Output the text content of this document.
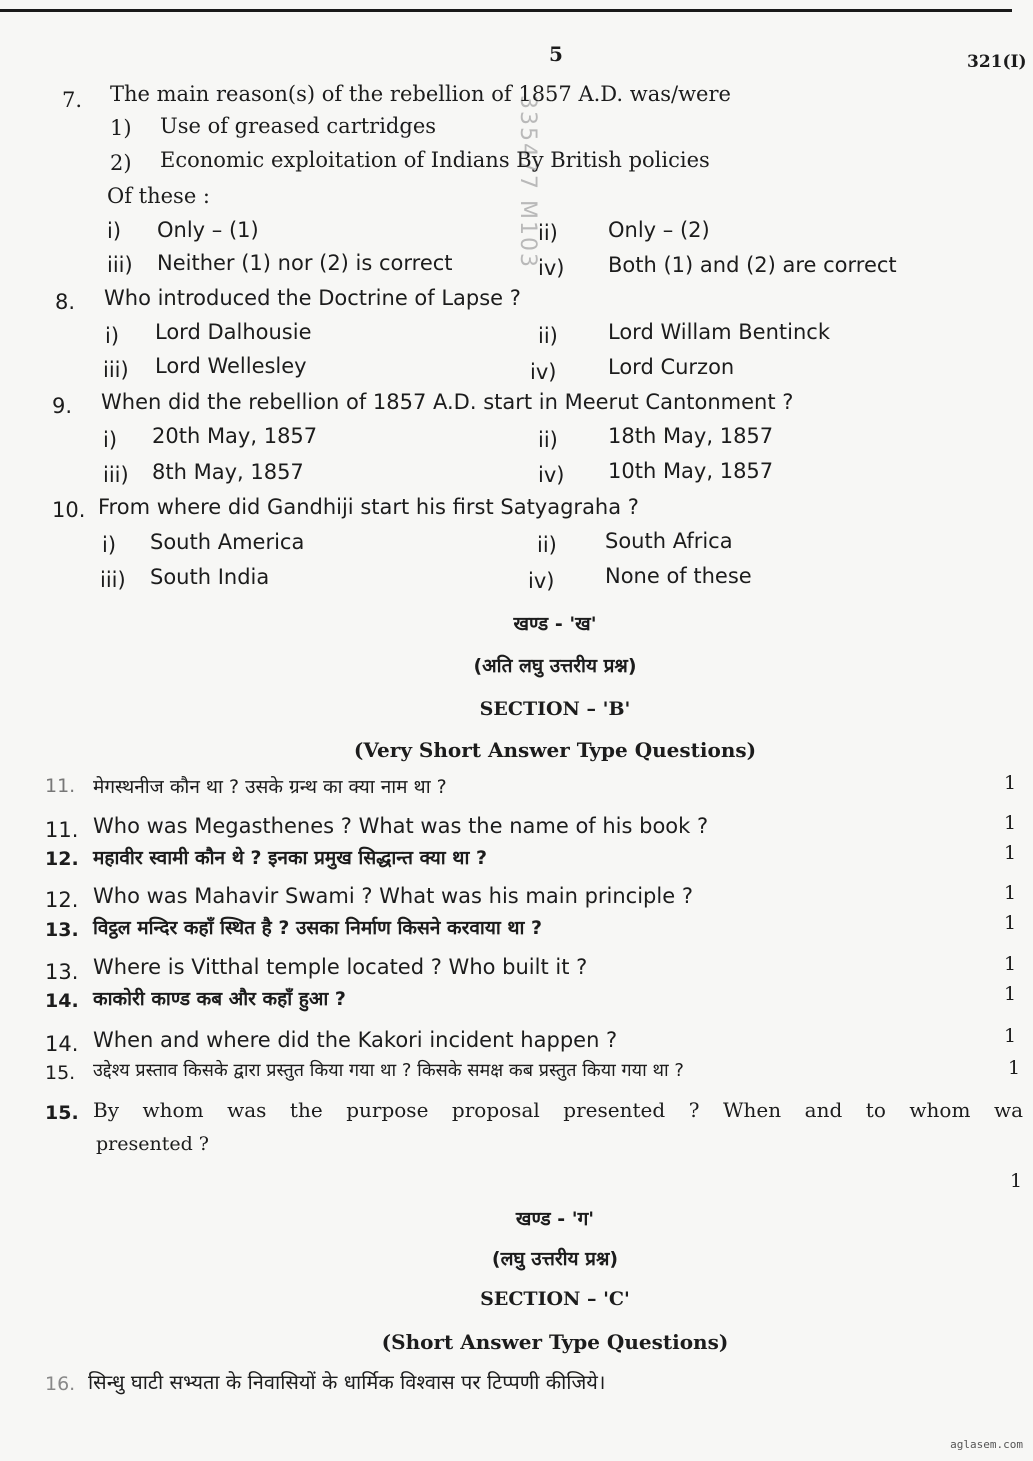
5	321(I)
335477 M103
7. The main reason(s) of the rebellion of 1857 A.D. was/were
1) Use of greased cartridges
2) Economic exploitation of Indians By British policies
Of these :
i) Only – (1)	ii) Only – (2)
iii) Neither (1) nor (2) is correct	iv) Both (1) and (2) are correct
8. Who introduced the Doctrine of Lapse ?
i) Lord Dalhousie	ii) Lord Willam Bentinck
iii) Lord Wellesley	iv) Lord Curzon
9. When did the rebellion of 1857 A.D. start in Meerut Cantonment ?
i) 20th May, 1857	ii) 18th May, 1857
iii) 8th May, 1857	iv) 10th May, 1857
10. From where did Gandhiji start his first Satyagraha ?
i) South America	ii) South Africa
iii) South India	iv) None of these
खण्ड - 'ख'
(अति लघु उत्तरीय प्रश्न)
SECTION – 'B'
(Very Short Answer Type Questions)
11. मेगस्थनीज कौन था ? उसके ग्रन्थ का क्या नाम था ?	1
11. Who was Megasthenes ? What was the name of his book ?	1
12. महावीर स्वामी कौन थे ? इनका प्रमुख सिद्धान्त क्या था ?	1
12. Who was Mahavir Swami ? What was his main principle ?	1
13. विट्ठल मन्दिर कहाँ स्थित है ? उसका निर्माण किसने करवाया था ?	1
13. Where is Vitthal temple located ? Who built it ?	1
14. काकोरी काण्ड कब और कहाँ हुआ ?	1
14. When and where did the Kakori incident happen ?	1
15. उद्देश्य प्रस्ताव किसके द्वारा प्रस्तुत किया गया था ? किसके समक्ष कब प्रस्तुत किया गया था ?	1
15. By whom was the purpose proposal presented ? When and to whom wa
presented ?
1
खण्ड - 'ग'
(लघु उत्तरीय प्रश्न)
SECTION – 'C'
(Short Answer Type Questions)
16. सिन्धु घाटी सभ्यता के निवासियों के धार्मिक विश्वास पर टिप्पणी कीजिये।
aglasem.com
